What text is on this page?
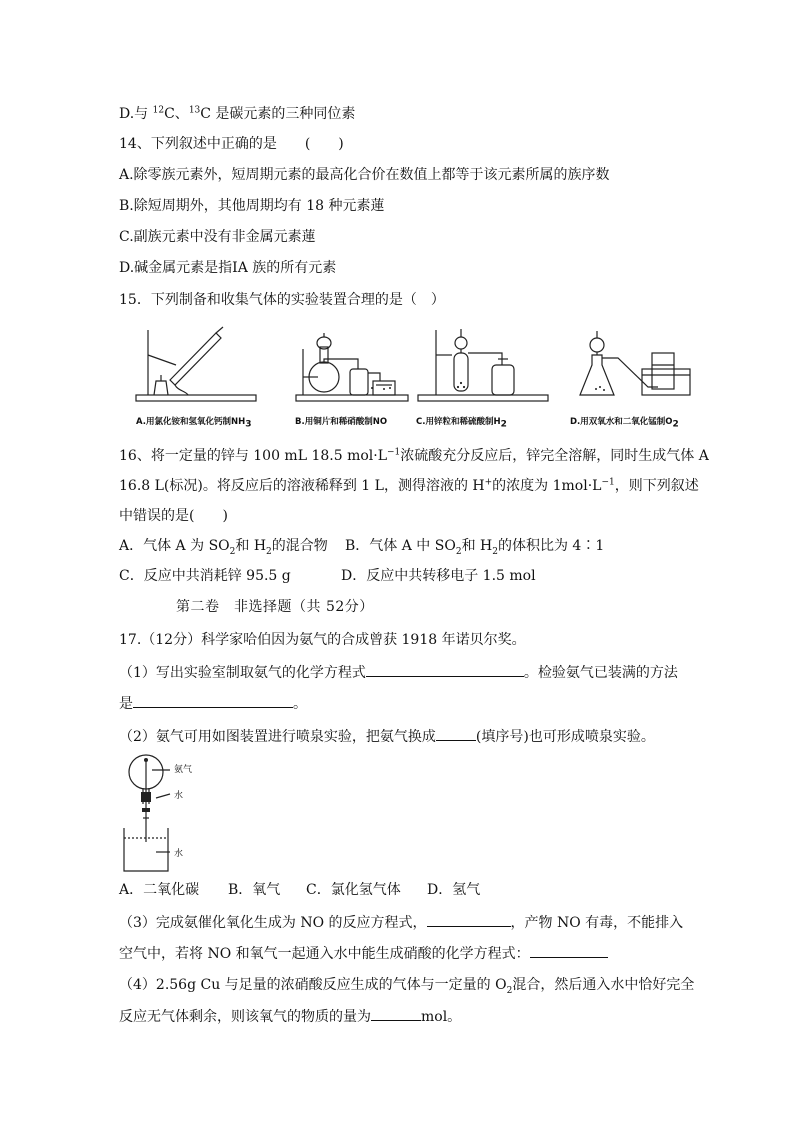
D.与 $^{12}$C、$^{13}$C 是碳元素的三种同位素
14、下列叙述中正确的是　　(　　)
A.除零族元素外，短周期元素的最高化合价在数值上都等于该元素所属的族序数
B.除短周期外，其他周期均有 18 种元素蓮
C.副族元素中没有非金属元素蓮
D.碱金属元素是指ⅠA 族的所有元素
15．下列制备和收集气体的实验装置合理的是（　）
A.用氯化铵和氢氧化钙制$NH_3$	B.用铜片和稀硝酸制NO	C.用锌粒和稀硫酸制$H_2$	D.用双氧水和二氧化锰制$O_2$
16、将一定量的锌与 100 mL 18.5 $mol\cdot L^{-1}$浓硫酸充分反应后，锌完全溶解，同时生成气体 A
16.8 L(标况)。将反应后的溶液稀释到 1 L，测得溶液的 H+的浓度为 $1mol\cdot L^{-1}$，则下列叙述
中错误的是(　　)
A．气体 A 为 $SO_2$和 $H_2$的混合物 B．气体 A 中 $SO_2$和 $H_2$的体积比为 4∶1
C．反应中共消耗锌 95.5 g	D．反应中共转移电子 1.5 mol
第二卷　非选择题（共 52分）
17.（12分）科学家哈伯因为氨气的合成曾获 1918 年诺贝尔奖。
（1）写出实验室制取氨气的化学方程式	。检验氨气已装满的方法
是	。
（2）氨气可用如图装置进行喷泉实验，把氨气换成	(填序号)也可形成喷泉实验。
氨气
水
水
A．二氧化碳 B．氧气 C．氯化氢气体 D．氢气
（3）完成氨催化氧化生成为 NO 的反应方程式，	，产物 NO 有毒，不能排入
空气中，若将 NO 和氧气一起通入水中能生成硝酸的化学方程式：
（4）2.56g Cu 与足量的浓硝酸反应生成的气体与一定量的 $O_2$混合，然后通入水中恰好完全
反应无气体剩余，则该氧气的物质的量为	mol。
